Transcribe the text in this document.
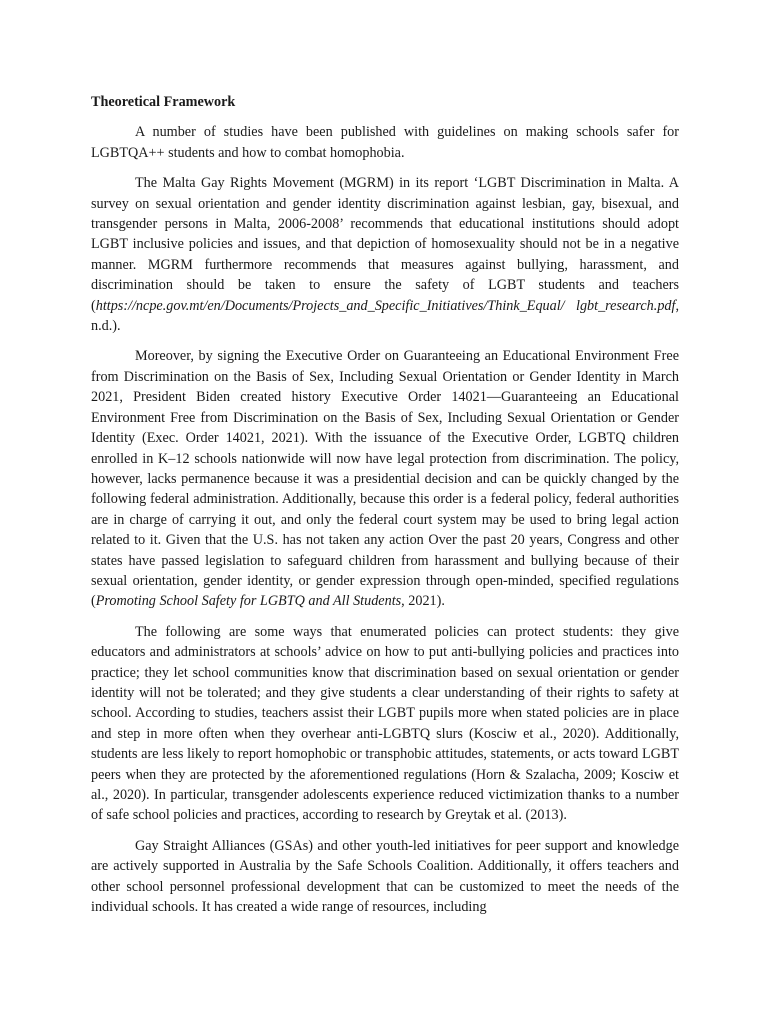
Theoretical Framework

A number of studies have been published with guidelines on making schools safer for LGBTQA++ students and how to combat homophobia.

The Malta Gay Rights Movement (MGRM) in its report ‘LGBT Discrimination in Malta. A survey on sexual orientation and gender identity discrimination against lesbian, gay, bisexual, and transgender persons in Malta, 2006-2008’ recommends that educational institutions should adopt LGBT inclusive policies and issues, and that depiction of homosexuality should not be in a negative manner. MGRM furthermore recommends that measures against bullying, harassment, and discrimination should be taken to ensure the safety of LGBT students and teachers (https://ncpe.gov.mt/en/Documents/Projects_and_Specific_Initiatives/Think_Equal/ lgbt_research.pdf, n.d.).

Moreover, by signing the Executive Order on Guaranteeing an Educational Environment Free from Discrimination on the Basis of Sex, Including Sexual Orientation or Gender Identity in March 2021, President Biden created history Executive Order 14021—Guaranteeing an Educational Environment Free from Discrimination on the Basis of Sex, Including Sexual Orientation or Gender Identity (Exec. Order 14021, 2021). With the issuance of the Executive Order, LGBTQ children enrolled in K–12 schools nationwide will now have legal protection from discrimination. The policy, however, lacks permanence because it was a presidential decision and can be quickly changed by the following federal administration. Additionally, because this order is a federal policy, federal authorities are in charge of carrying it out, and only the federal court system may be used to bring legal action related to it. Given that the U.S. has not taken any action Over the past 20 years, Congress and other states have passed legislation to safeguard children from harassment and bullying because of their sexual orientation, gender identity, or gender expression through open-minded, specified regulations (Promoting School Safety for LGBTQ and All Students, 2021).

The following are some ways that enumerated policies can protect students: they give educators and administrators at schools’ advice on how to put anti-bullying policies and practices into practice; they let school communities know that discrimination based on sexual orientation or gender identity will not be tolerated; and they give students a clear understanding of their rights to safety at school. According to studies, teachers assist their LGBT pupils more when stated policies are in place and step in more often when they overhear anti-LGBTQ slurs (Kosciw et al., 2020). Additionally, students are less likely to report homophobic or transphobic attitudes, statements, or acts toward LGBT peers when they are protected by the aforementioned regulations (Horn & Szalacha, 2009; Kosciw et al., 2020). In particular, transgender adolescents experience reduced victimization thanks to a number of safe school policies and practices, according to research by Greytak et al. (2013).

Gay Straight Alliances (GSAs) and other youth-led initiatives for peer support and knowledge are actively supported in Australia by the Safe Schools Coalition. Additionally, it offers teachers and other school personnel professional development that can be customized to meet the needs of the individual schools. It has created a wide range of resources, including
